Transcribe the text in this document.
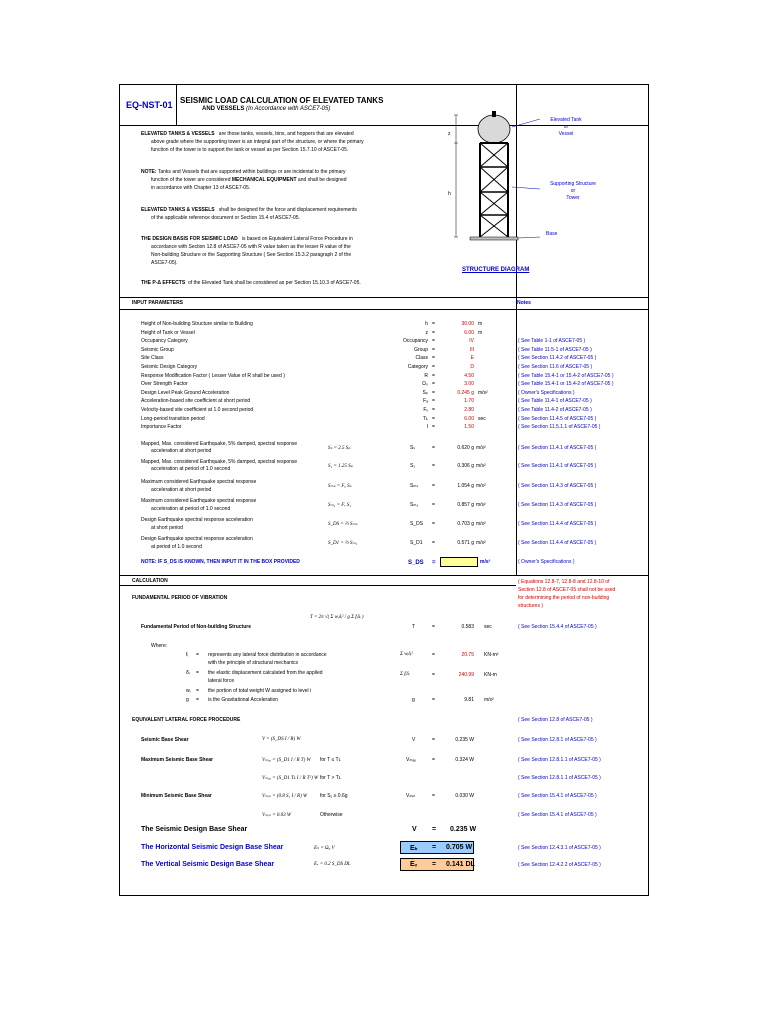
EQ-NST-01 SEISMIC LOAD CALCULATION OF ELEVATED TANKS
AND VESSELS (In Accordance with ASCE7-05)
ELEVATED TANKS & VESSELS are those tanks, vessels, bins, and hoppers that are elevated
above grade where the supporting tower is an integral part of the structure, or where the primary
function of the tower is to support the tank or vessel as per Section 15.7.10 of ASCE7-05.
NOTE: Tanks and Vessels that are supported within buildings or are incidental to the primary
function of the tower are considered MECHANICAL EQUIPMENT and shall be designed
in accordance with Chapter 13 of ASCE7-05.
ELEVATED TANKS & VESSELS shall be designed for the force and displacement requirements
of the applicable reference document or Section 15.4 of ASCE7-05.
THE DESIGN BASIS FOR SEISMIC LOAD is based on Equivalent Lateral Force Procedure in
accordance with Section 12.8 of ASCE7-05 with R value taken as the lesser R value of the
Non-building Structure or the Supporting Structure ( See Section 15.3.2 paragraph 2 of the
ASCE7-05).
THE P-Δ EFFECTS of the Elevated Tank shall be considered as per Section 15.10.3 of ASCE7-05.
Elevated Tank
or
Vessel
Supporting Structure
or
Tower
Base
z
h
STRUCTURE DIAGRAM
INPUT PARAMETERS	Notes
Height of Non-building Structure similar to Building	h =	30.00 m
Height of Tank or Vessel	z =	6.00 m
Occupancy Category	Occupancy =	IV	( See Table 1-1 of ASCE7-05 )
Seismic Group	Group =	III	( See Table 11.5-1 of ASCE7-05 )
Site Class	Class =	E	( See Section 11.4.2 of ASCE7-05 )
Seismic Design Category	Category =	D	( See Section 11.6 of ASCE7-05 )
Response Modification Factor ( Lesser Value of R shall be used )	R =	4.50	( See Table 15.4-1 or 15.4-2 of ASCE7-05 )
Over Strength Factor	Ω₀ =	3.00	( See Table 15.4-1 or 15.4-2 of ASCE7-05 )
Design Level Peak Ground Acceleration	Sₚ =	0.245 g m/s²	( Owner's Specifications )
Acceleration-based site coefficient at short period	Fₐ =	1.70	( See Table 11.4-1 of ASCE7-05 )
Velocity-based site coefficient at 1.0 second period	Fᵥ =	2.80	( See Table 11.4-2 of ASCE7-05 )
Long-period transition period	Tʟ =	6.00 sec	( See Section 11.4.5 of ASCE7-05 )
Importance Factor	I =	1.50	( See Section 11.5.1.1 of ASCE7-05 )
Mapped, Max. considered Earthquake, 5% damped, spectral response
acceleration at short period	Sₛ = 2.5 Sₚ	Sₛ	=	0.620 g m/s²	( See Section 11.4.1 of ASCE7-05 )
Mapped, Max. considered Earthquake, 5% damped, spectral response
acceleration at period of 1.0 second	S₁ = 1.25 Sₚ	S₁	=	0.306 g m/s²	( See Section 11.4.1 of ASCE7-05 )
Maximum considered Earthquake spectral response
acceleration at short period
Sₘₛ = Fₐ Sₛ	Sₘₛ	=	1.054 g m/s²	( See Section 11.4.3 of ASCE7-05 )
Maximum considered Earthquake spectral response
acceleration at period of 1.0 second
Sₘ₁ = Fᵥ S₁	Sₘ₁	=	0.857 g m/s²	( See Section 11.4.3 of ASCE7-05 )
Design Earthquake spectral response acceleration
at short period
S_DS = ⅔ Sₘₛ	S_DS =	0.703 g m/s²	( See Section 11.4.4 of ASCE7-05 )
Design Earthquake spectral response acceleration
at period of 1.0 second
S_D1 = ⅔ Sₘ₁	S_D1 =	0.571 g m/s²	( See Section 11.4.4 of ASCE7-05 )
NOTE: IF S_DS IS KNOWN, THEN INPUT IT IN THE BOX PROVIDED	S_DS =	m/s²	( Owner's Specifications )
CALCULATION	( Equations 12.8-7, 12.8-8 and 12.8-10 of
Section 12.8 of ASCE7-05 shall not be used
for determining the period of non-building
structures )
FUNDAMENTAL PERIOD OF VIBRATION
Fundamental Period of Non-building Structure
T = 2π √( Σ wᵢδᵢ² / g Σ fᵢδᵢ )
T	=	0.583 sec	( See Section 15.4.4 of ASCE7-05 )
Where:
fᵢ = represents any lateral force distribution in accordance
with the principle of structural mechanics
δᵢ = the elastic displacement calculated from the applied
lateral force
wᵢ = the portion of total weight W assigned to level i
g = is the Gravitational Acceleration
Σ wᵢδᵢ²	=	20.75 KN-m²
Σ fᵢδᵢ	=	240.99 KN-m
g	=	9.81 m/s²
EQUIVALENT LATERAL FORCE PROCEDURE	( See Section 12.8 of ASCE7-05 )
Seismic Base Shear	V = (S_DS I / R) W	V	=	0.235 W	( See Section 12.8.1 of ASCE7-05 )
Maximum Seismic Base Shear	Vₘₐₓ = (S_D1 I / R T) W for T ≤ Tʟ	Vₘₐₓ	=	0.324 W	( See Section 12.8.1.1 of ASCE7-05 )
Vₘₐₓ = (S_D1 Tʟ I / R T²) W for T > Tʟ	( See Section 12.8.1.1 of ASCE7-05 )
Minimum Seismic Base Shear	Vₘᵢₙ = (0.8 S₁ I / R) W	for S₁ ≥ 0.6g	Vₘᵢₙ	=	0.030 W	( See Section 15.4.1 of ASCE7-05 )
Vₘᵢₙ = 0.03 W	Otherwise	( See Section 15.4.1 of ASCE7-05 )
The Seismic Design Base Shear	V = 0.235 W
The Horizontal Seismic Design Base Shear	Eₕ = Ω₀ V	Eₕ = 0.705 W	( See Section 12.4.3.1 of ASCE7-05 )
The Vertical Seismic Design Base Shear	Eᵥ = 0.2 S_DS DL	Eᵥ = 0.141 DL	( See Section 12.4.2.2 of ASCE7-05 )
